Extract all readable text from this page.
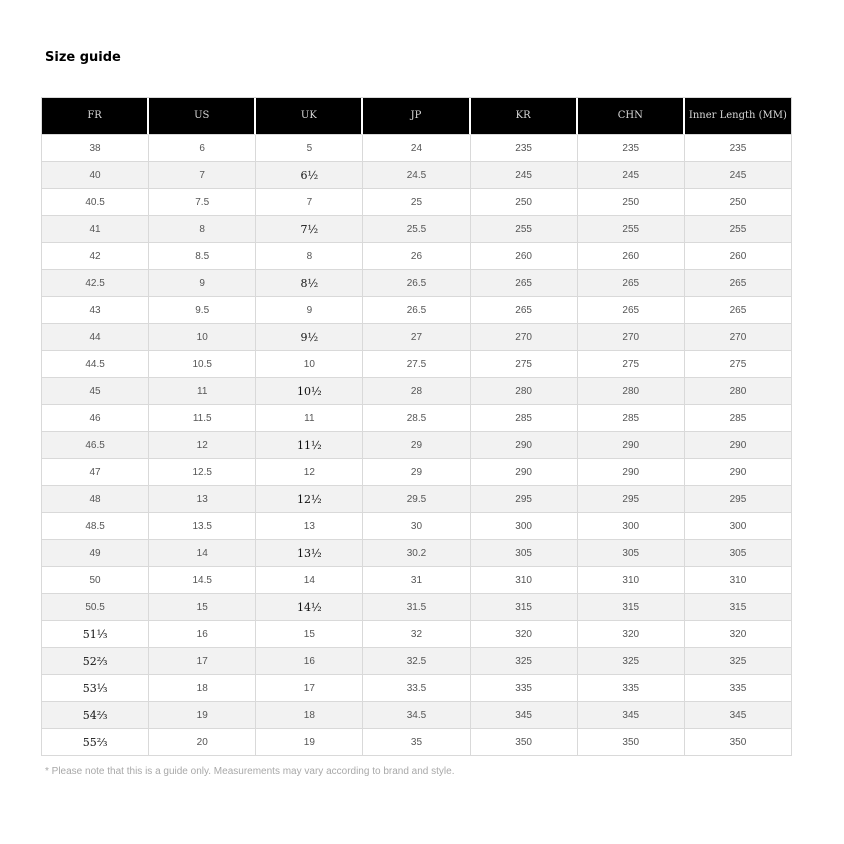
Size guide
FR	US	UK	JP	KR	CHN	Inner Length (MM)
38	6	5	24	235	235	235
40	7	6½	24.5	245	245	245
40.5	7.5	7	25	250	250	250
41	8	7½	25.5	255	255	255
42	8.5	8	26	260	260	260
42.5	9	8½	26.5	265	265	265
43	9.5	9	26.5	265	265	265
44	10	9½	27	270	270	270
44.5	10.5	10	27.5	275	275	275
45	11	10½	28	280	280	280
46	11.5	11	28.5	285	285	285
46.5	12	11½	29	290	290	290
47	12.5	12	29	290	290	290
48	13	12½	29.5	295	295	295
48.5	13.5	13	30	300	300	300
49	14	13½	30.2	305	305	305
50	14.5	14	31	310	310	310
50.5	15	14½	31.5	315	315	315
51⅓	16	15	32	320	320	320
52⅔	17	16	32.5	325	325	325
53⅓	18	17	33.5	335	335	335
54⅔	19	18	34.5	345	345	345
55⅔	20	19	35	350	350	350
* Please note that this is a guide only. Measurements may vary according to brand and style.
